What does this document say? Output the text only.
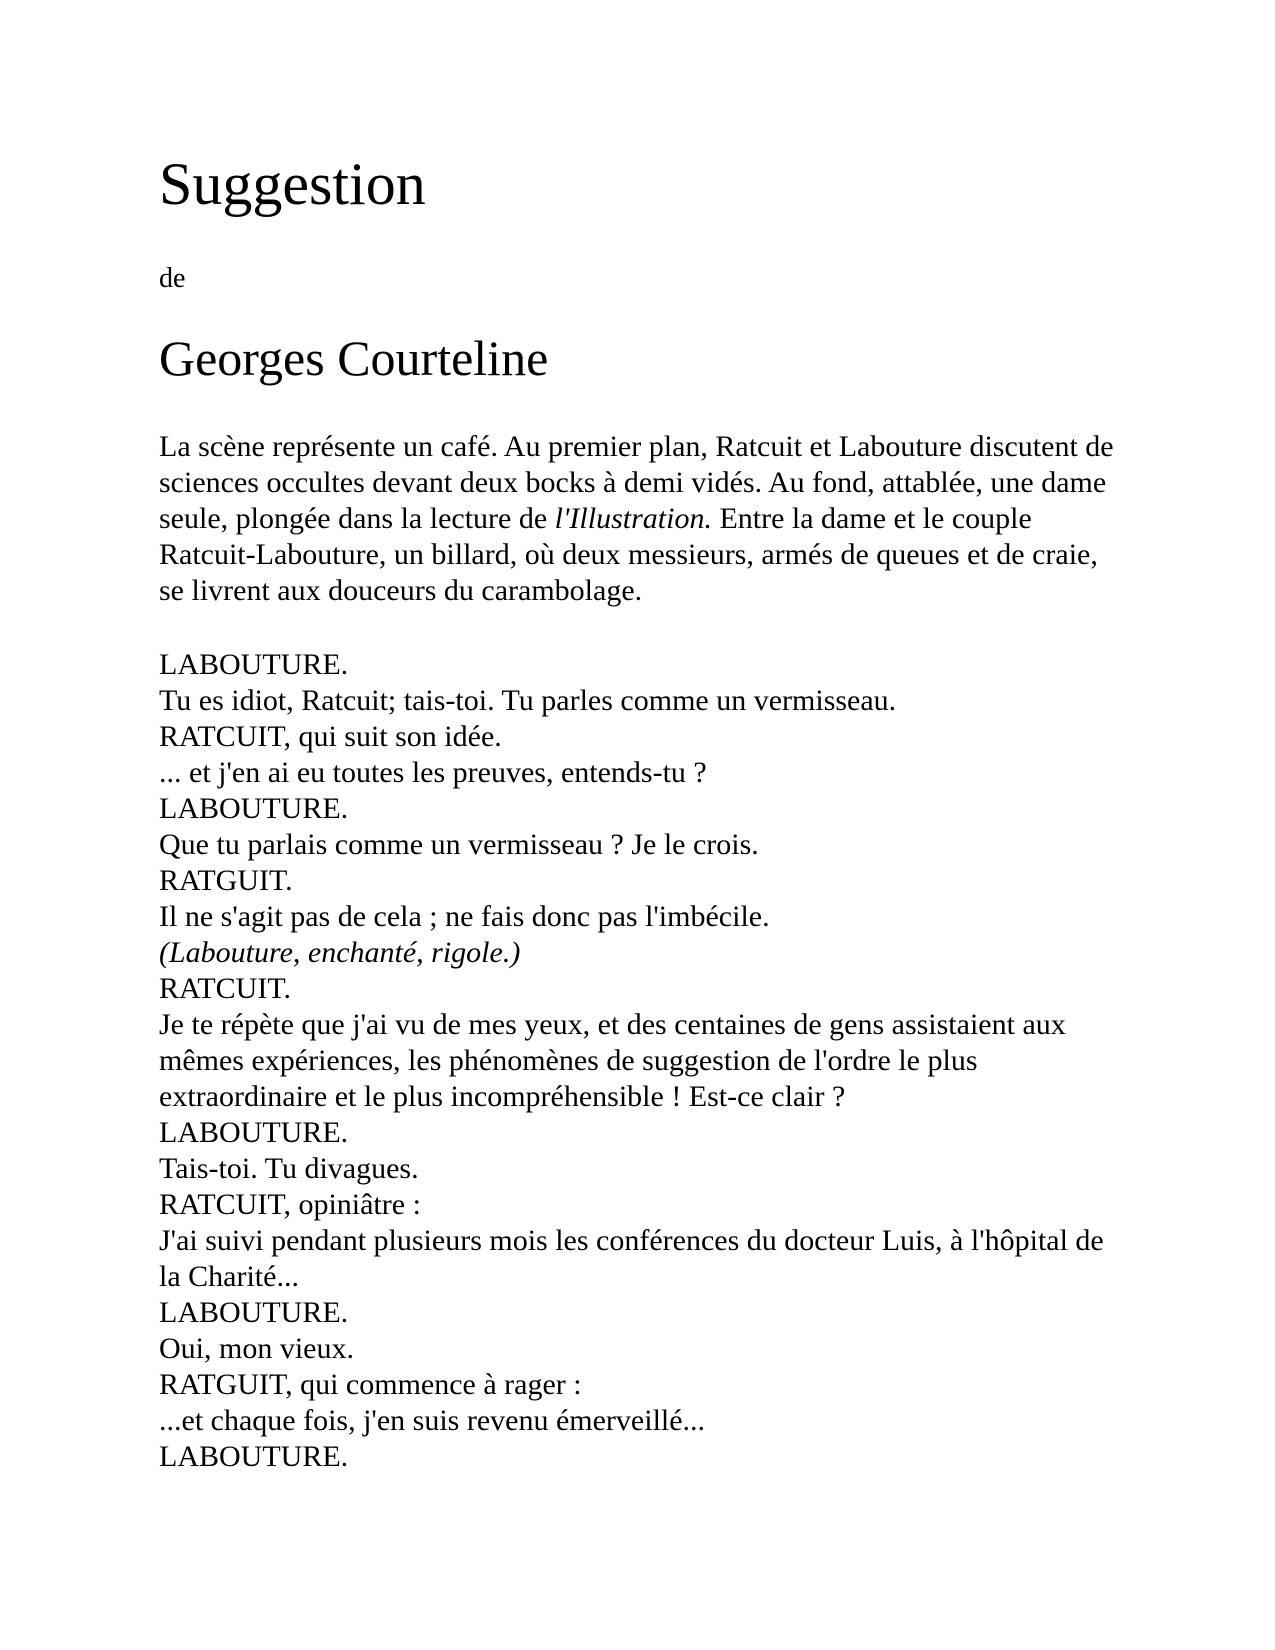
Suggestion
de
Georges Courteline

La scène représente un café. Au premier plan, Ratcuit et Labouture discutent de sciences occultes devant deux bocks à demi vidés. Au fond, attablée, une dame seule, plongée dans la lecture de l'Illustration. Entre la dame et le couple Ratcuit-Labouture, un billard, où deux messieurs, armés de queues et de craie, se livrent aux douceurs du carambolage.

LABOUTURE.
Tu es idiot, Ratcuit; tais-toi. Tu parles comme un vermisseau.
RATCUIT, qui suit son idée.
... et j'en ai eu toutes les preuves, entends-tu ?
LABOUTURE.
Que tu parlais comme un vermisseau ? Je le crois.
RATGUIT.
Il ne s'agit pas de cela ; ne fais donc pas l'imbécile.
(Labouture, enchanté, rigole.)
RATCUIT.
Je te répète que j'ai vu de mes yeux, et des centaines de gens assistaient aux mêmes expériences, les phénomènes de suggestion de l'ordre le plus extraordinaire et le plus incompréhensible ! Est-ce clair ?
LABOUTURE.
Tais-toi. Tu divagues.
RATCUIT, opiniâtre :
J'ai suivi pendant plusieurs mois les conférences du docteur Luis, à l'hôpital de la Charité...
LABOUTURE.
Oui, mon vieux.
RATGUIT, qui commence à rager :
...et chaque fois, j'en suis revenu émerveillé...
LABOUTURE.
